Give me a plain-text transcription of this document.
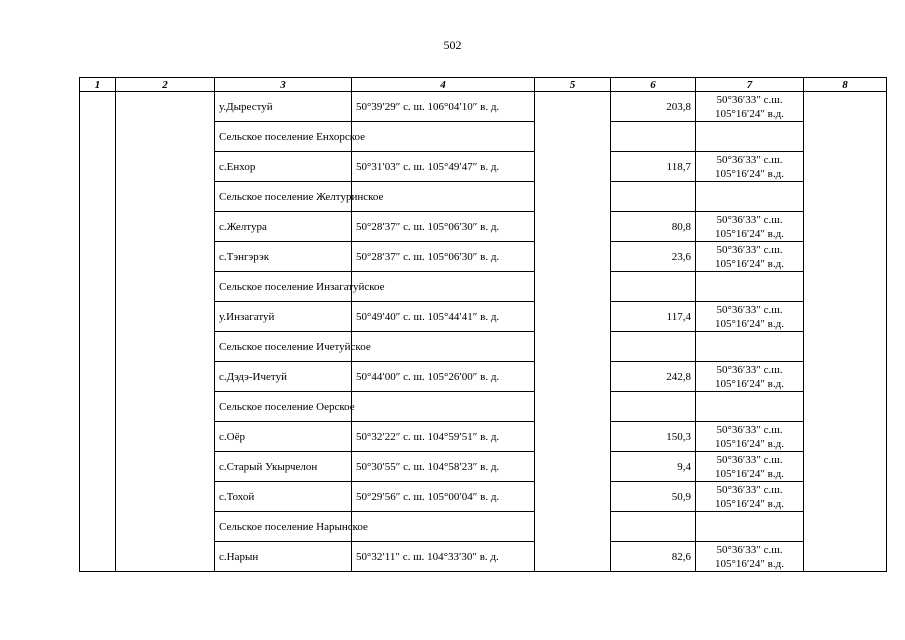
502
1	2	3	4	5	6	7	8
		у.Дырестуй	50°39′29″ с. ш. 106°04′10″ в. д.		203,8	50°36′33″ с.ш.
105°16′24″ в.д.	

		Сельское поселение Енхорское					

		с.Енхор	50°31′03″ с. ш. 105°49′47″ в. д.		118,7	50°36′33″ с.ш.
105°16′24″ в.д.	

		Сельское поселение Желтуринское					

		с.Желтура	50°28′37″ с. ш. 105°06′30″ в. д.		80,8	50°36′33″ с.ш.
105°16′24″ в.д.	

		с.Тэнгэрэк	50°28′37″ с. ш. 105°06′30″ в. д.		23,6	50°36′33″ с.ш.
105°16′24″ в.д.	

		Сельское поселение Инзагатуйское					

		у.Инзагатуй	50°49′40″ с. ш. 105°44′41″ в. д.		117,4	50°36′33″ с.ш.
105°16′24″ в.д.	

		Сельское поселение Ичетуйское					

		с.Дэдэ-Ичетуй	50°44′00″ с. ш. 105°26′00″ в. д.		242,8	50°36′33″ с.ш.
105°16′24″ в.д.	

		Сельское поселение Оерское					

		с.Оёр	50°32′22″ с. ш. 104°59′51″ в. д.		150,3	50°36′33″ с.ш.
105°16′24″ в.д.	

		с.Старый Укырчелон	50°30′55″ с. ш. 104°58′23″ в. д.		9,4	50°36′33″ с.ш.
105°16′24″ в.д.	

		с.Тохой	50°29′56″ с. ш. 105°00′04″ в. д.		50,9	50°36′33″ с.ш.
105°16′24″ в.д.	

		Сельское поселение Нарынское					

		с.Нарын	50°32′11″ с. ш. 104°33′30″ в. д.		82,6	50°36′33″ с.ш.
105°16′24″ в.д.	
